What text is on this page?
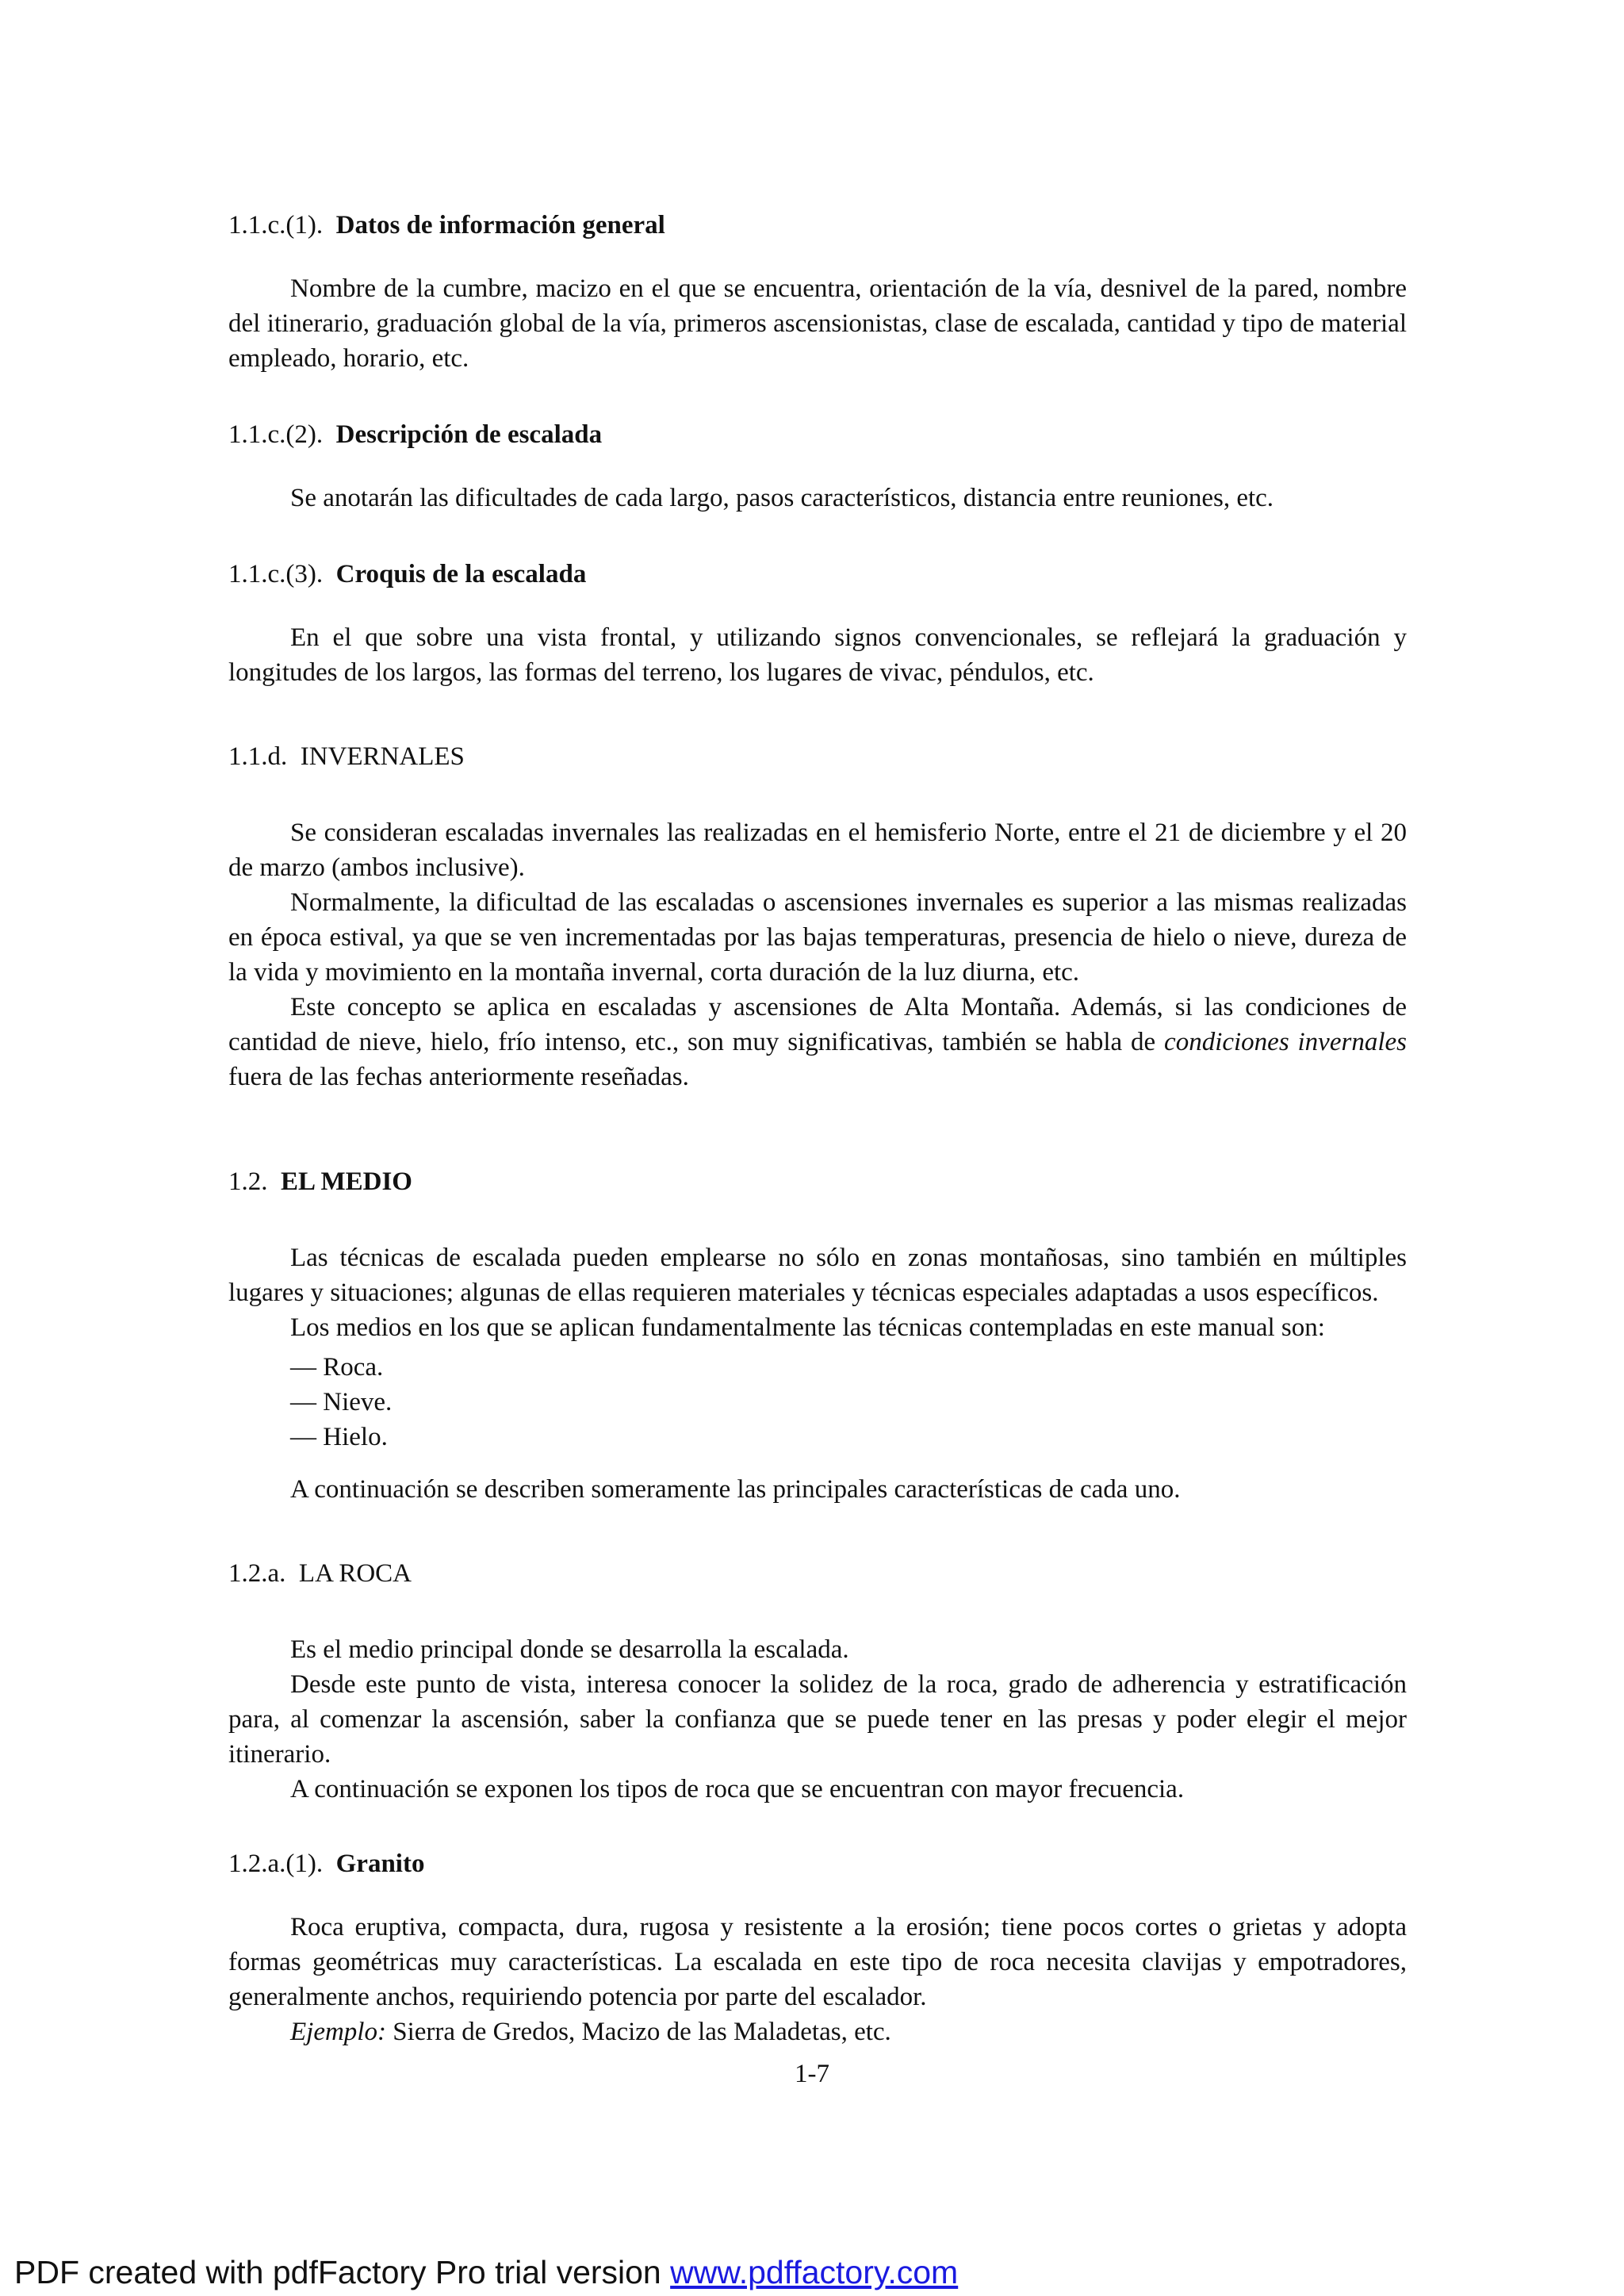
1.1.c.(1). Datos de información general

Nombre de la cumbre, macizo en el que se encuentra, orientación de la vía, desnivel de la pared, nombre del itinerario, graduación global de la vía, primeros ascensionistas, clase de escalada, cantidad y tipo de material empleado, horario, etc.

1.1.c.(2). Descripción de escalada

Se anotarán las dificultades de cada largo, pasos característicos, distancia entre reuniones, etc.

1.1.c.(3). Croquis de la escalada

En el que sobre una vista frontal, y utilizando signos convencionales, se reflejará la graduación y longitudes de los largos, las formas del terreno, los lugares de vivac, péndulos, etc.

1.1.d. INVERNALES

Se consideran escaladas invernales las realizadas en el hemisferio Norte, entre el 21 de diciembre y el 20 de marzo (ambos inclusive).

Normalmente, la dificultad de las escaladas o ascensiones invernales es superior a las mismas realizadas en época estival, ya que se ven incrementadas por las bajas temperaturas, presencia de hielo o nieve, dureza de la vida y movimiento en la montaña invernal, corta duración de la luz diurna, etc.

Este concepto se aplica en escaladas y ascensiones de Alta Montaña. Además, si las condiciones de cantidad de nieve, hielo, frío intenso, etc., son muy significativas, también se habla de condiciones invernales fuera de las fechas anteriormente reseñadas.

1.2. EL MEDIO

Las técnicas de escalada pueden emplearse no sólo en zonas montañosas, sino también en múltiples lugares y situaciones; algunas de ellas requieren materiales y técnicas especiales adaptadas a usos específicos.

Los medios en los que se aplican fundamentalmente las técnicas contempladas en este manual son:

— Roca.
— Nieve.
— Hielo.

A continuación se describen someramente las principales características de cada uno.

1.2.a. LA ROCA

Es el medio principal donde se desarrolla la escalada.

Desde este punto de vista, interesa conocer la solidez de la roca, grado de adherencia y estratificación para, al comenzar la ascensión, saber la confianza que se puede tener en las presas y poder elegir el mejor itinerario.

A continuación se exponen los tipos de roca que se encuentran con mayor frecuencia.

1.2.a.(1). Granito

Roca eruptiva, compacta, dura, rugosa y resistente a la erosión; tiene pocos cortes o grietas y adopta formas geométricas muy características. La escalada en este tipo de roca necesita clavijas y empotradores, generalmente anchos, requiriendo potencia por parte del escalador.

Ejemplo: Sierra de Gredos, Macizo de las Maladetas, etc.

1-7
PDF created with pdfFactory Pro trial version www.pdffactory.com
